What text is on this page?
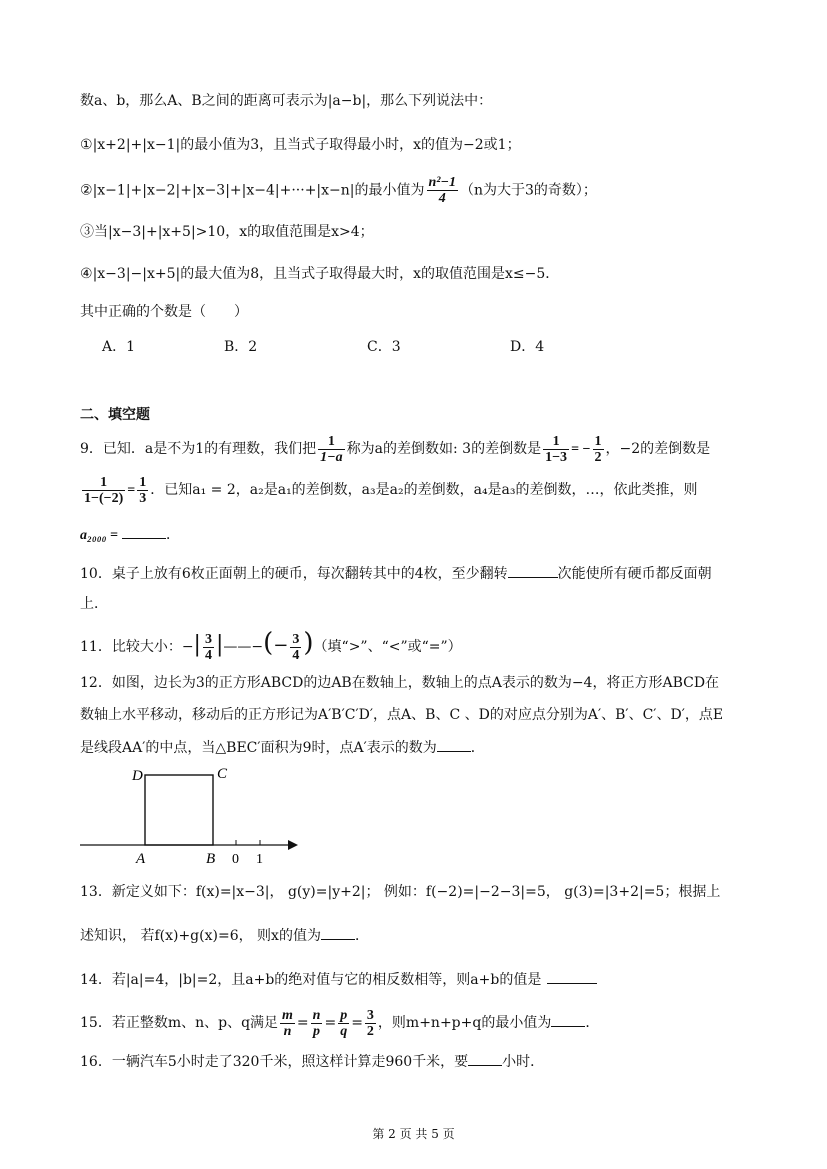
数a、b，那么A、B之间的距离可表示为|a−b|，那么下列说法中：
①|x+2|+|x−1|的最小值为3，且当式子取得最小时，x的值为−2或1；
②|x−1|+|x−2|+|x−3|+|x−4|+···+|x−n|的最小值为 $\frac{\text{n²−1}}{4} (n$为大于3的奇数）；
③当|x−3|+|x+5|>10，x的取值范围是x>4；
④|x−3|−|x+5|的最大值为8，且当式子取得最大时，x的取值范围是x≤−5．
其中正确的个数是（　　）
A．1	B．2	C．3	D．4
二、填空题
9．已知．a是不为1的有理数，我们把 $\frac{1}{1-a}$ 称为a的差倒数如: 3的差倒数是 $\frac{1}{1-3}$ = − $\frac{1}{2}$ ，−2的差倒数是
$\frac{1}{1-(-2)} = \frac{1}{3}$ ．已知a₁ = 2，a₂是a₁的差倒数，a₃是a₂的差倒数，a₄是a₃的差倒数，…，依此类推，则
a₂₀₀₀ =	．
10．桌子上放有6枚正面朝上的硬币，每次翻转其中的4枚，至少翻转	次能使所有硬币都反面朝
上．
11．比较大小：−| $\frac{3}{4}$ |——−(− $\frac{3}{4}$ )（填“>”、“<”或“=”）
12．如图，边长为3的正方形ABCD的边AB在数轴上，数轴上的点A表示的数为−4，将正方形ABCD在
数轴上水平移动，移动后的正方形记为A′B′C′D′，点A、B、C 、D的对应点分别为A′、B′、C′、D′，点E
是线段AA′的中点，当△BEC′面积为9时，点A′表示的数为 ．
D	C
A	B 0 1
13．新定义如下：f(x)=|x−3|， g(y)=|y+2|； 例如：f(−2)=|−2−3|=5， g(3)=|3+2|=5；根据上
述知识， 若f(x)+g(x)=6， 则x的值为 ．
14．若|a|=4，|b|=2，且a+b的绝对值与它的相反数相等，则a+b的值是
15．若正整数m、n、p、q满足 $\frac{m}{n} = \frac{n}{p} = \frac{p}{q} = \frac{3}{2}$ ，则m+n+p+q的最小值为 ．
16．一辆汽车5小时走了320千米，照这样计算走960千米，要 小时．
第 2 页 共 5 页
